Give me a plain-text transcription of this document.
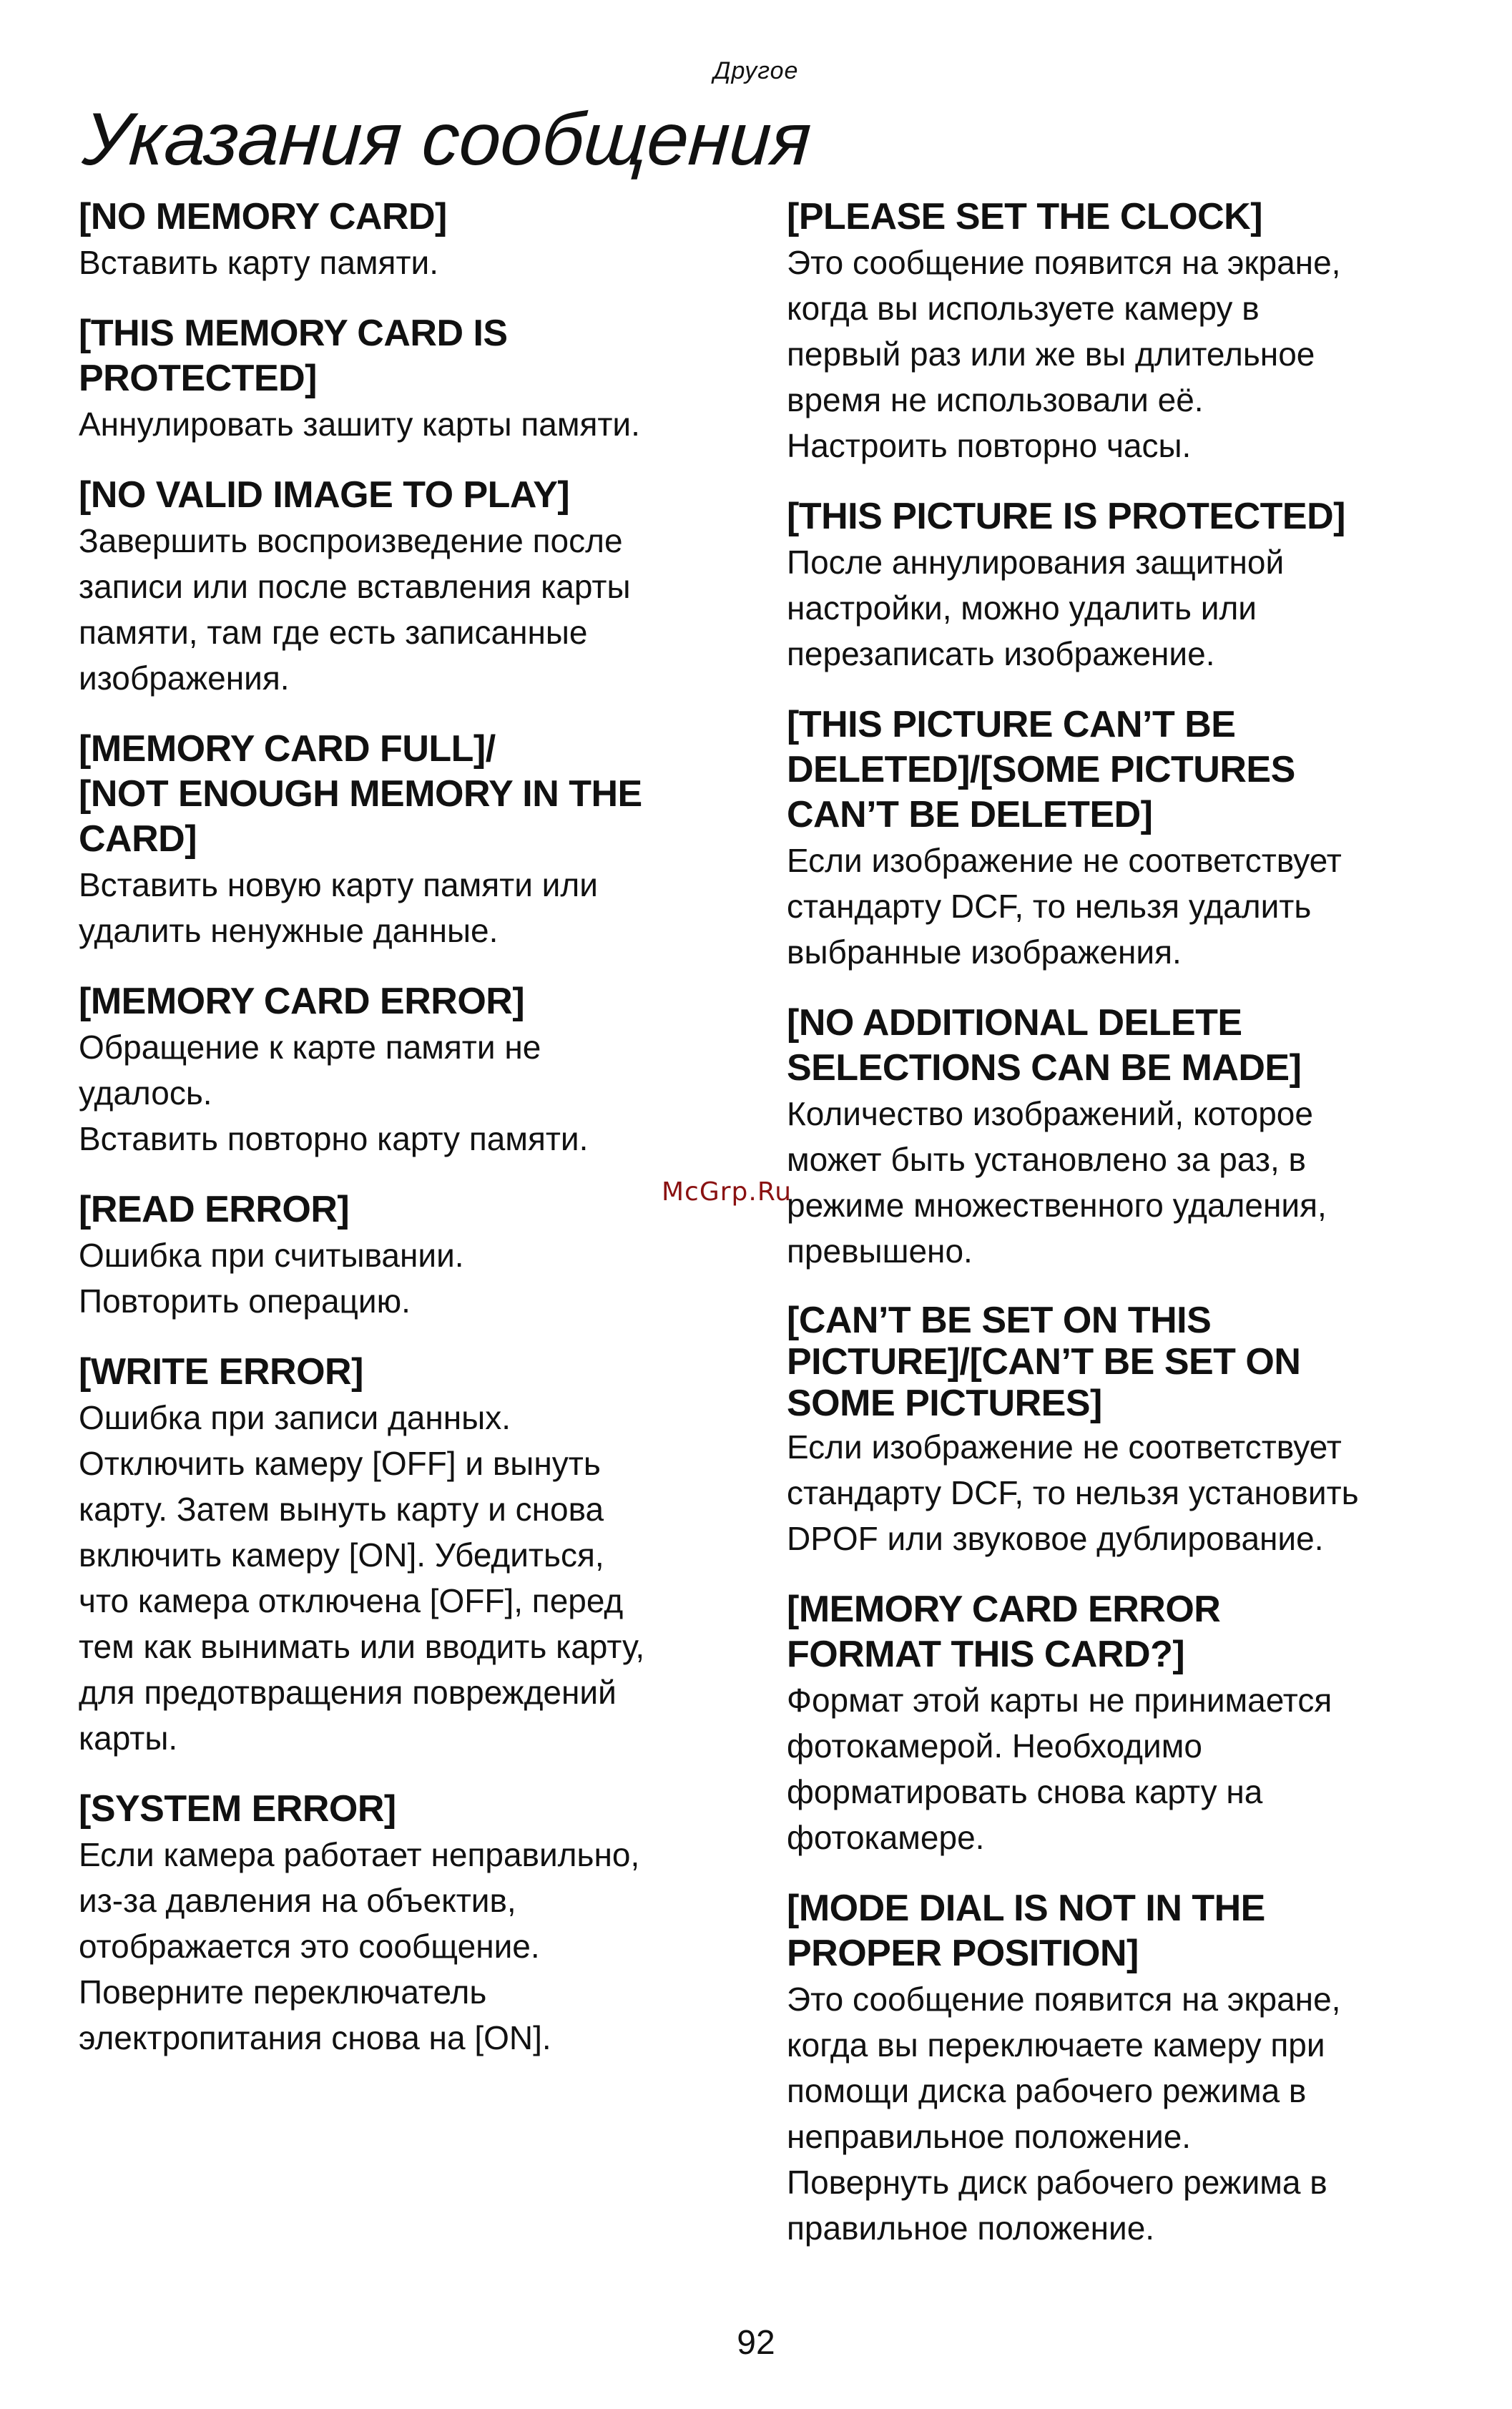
Другое
Указания сообщения
[NO MEMORY CARD]

Вставить карту памяти.

[THIS MEMORY CARD IS
PROTECTED]

Аннулировать зашиту карты памяти.

[NO VALID IMAGE TO PLAY]

Завершить воспроизведение после
записи или после вставления карты
памяти, там где есть записанные
изображения.

[MEMORY CARD FULL]/
[NOT ENOUGH MEMORY IN THE
CARD]

Вставить новую карту памяти или
удалить ненужные данные.

[MEMORY CARD ERROR]

Обращение к карте памяти не
удалось.
Вставить повторно карту памяти.

[READ ERROR]

Ошибка при считывании.
Повторить операцию.

[WRITE ERROR]

Ошибка при записи данных.
Отключить камеру [OFF] и вынуть
карту. Затем вынуть карту и снова
включить камеру [ON]. Убедиться,
что камера отключена [OFF], перед
тем как вынимать или вводить карту,
для предотвращения повреждений
карты.

[SYSTEM ERROR]

Если камера работает неправильно,
из-за давления на объектив,
отображается это сообщение.
Поверните переключатель
электропитания снова на [ON].

[PLEASE SET THE CLOCK]

Это сообщение появится на экране,
когда вы используете камеру в
первый раз или же вы длительное
время не использовали её.
Настроить повторно часы.

[THIS PICTURE IS PROTECTED]

После аннулирования защитной
настройки, можно удалить или
перезаписать изображение.

[THIS PICTURE CAN’T BE
DELETED]/[SOME PICTURES
CAN’T BE DELETED]

Если изображение не соответствует
стандарту DCF, то нельзя удалить
выбранные изображения.

[NO ADDITIONAL DELETE
SELECTIONS CAN BE MADE]

Количество изображений, которое
может быть установлено за раз, в
режиме множественного удаления,
превышено.

[CAN’T BE SET ON THIS
PICTURE]/[CAN’T BE SET ON
SOME PICTURES]

Если изображение не соответствует
стандарту DCF, то нельзя установить
DPOF или звуковое дублирование.

[MEMORY CARD ERROR
FORMAT THIS CARD?]

Формат этой карты не принимается
фотокамерой. Необходимо
форматировать снова карту на
фотокамере.

[MODE DIAL IS NOT IN THE
PROPER POSITION]

Это сообщение появится на экране,
когда вы переключаете камеру при
помощи диска рабочего режима в
неправильное положение.
Повернуть диск рабочего режима в
правильное положение.

McGrp.Ru
92
